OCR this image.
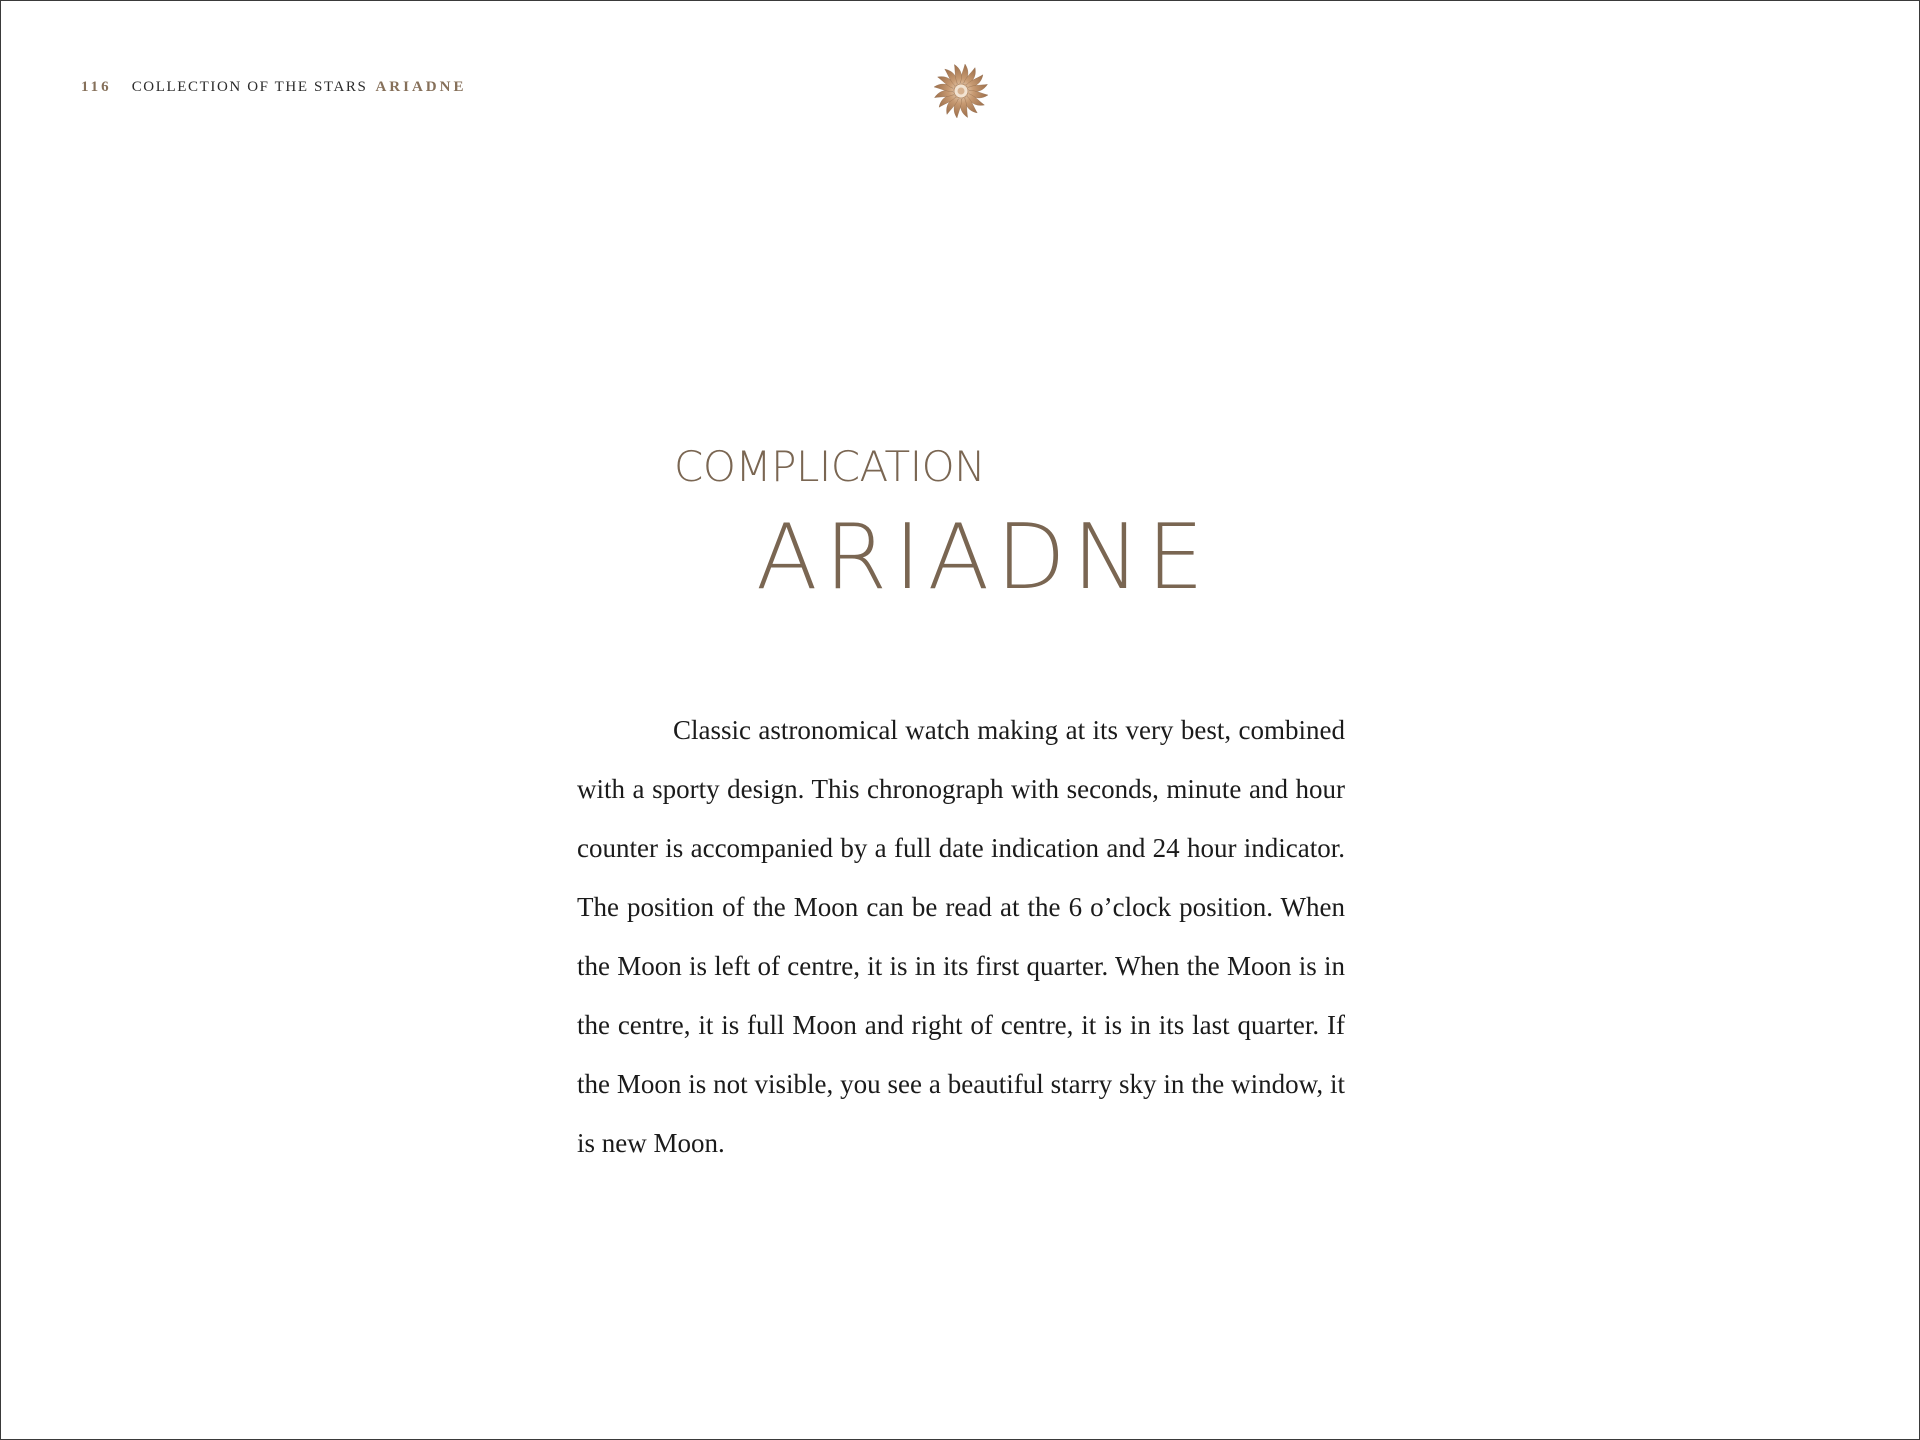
116 COLLECTION OF THE STARS ARIADNE
COMPLICATION
ARIADNE

Classic astronomical watch making at its very best, combined with a sporty design. This chronograph with seconds, minute and hour counter is accompanied by a full date indication and 24 hour indicator. The position of the Moon can be read at the 6 o’clock position. When the Moon is left of centre, it is in its first quarter. When the Moon is in the centre, it is full Moon and right of centre, it is in its last quarter. If the Moon is not visible, you see a beautiful starry sky in the window, it is new Moon.
